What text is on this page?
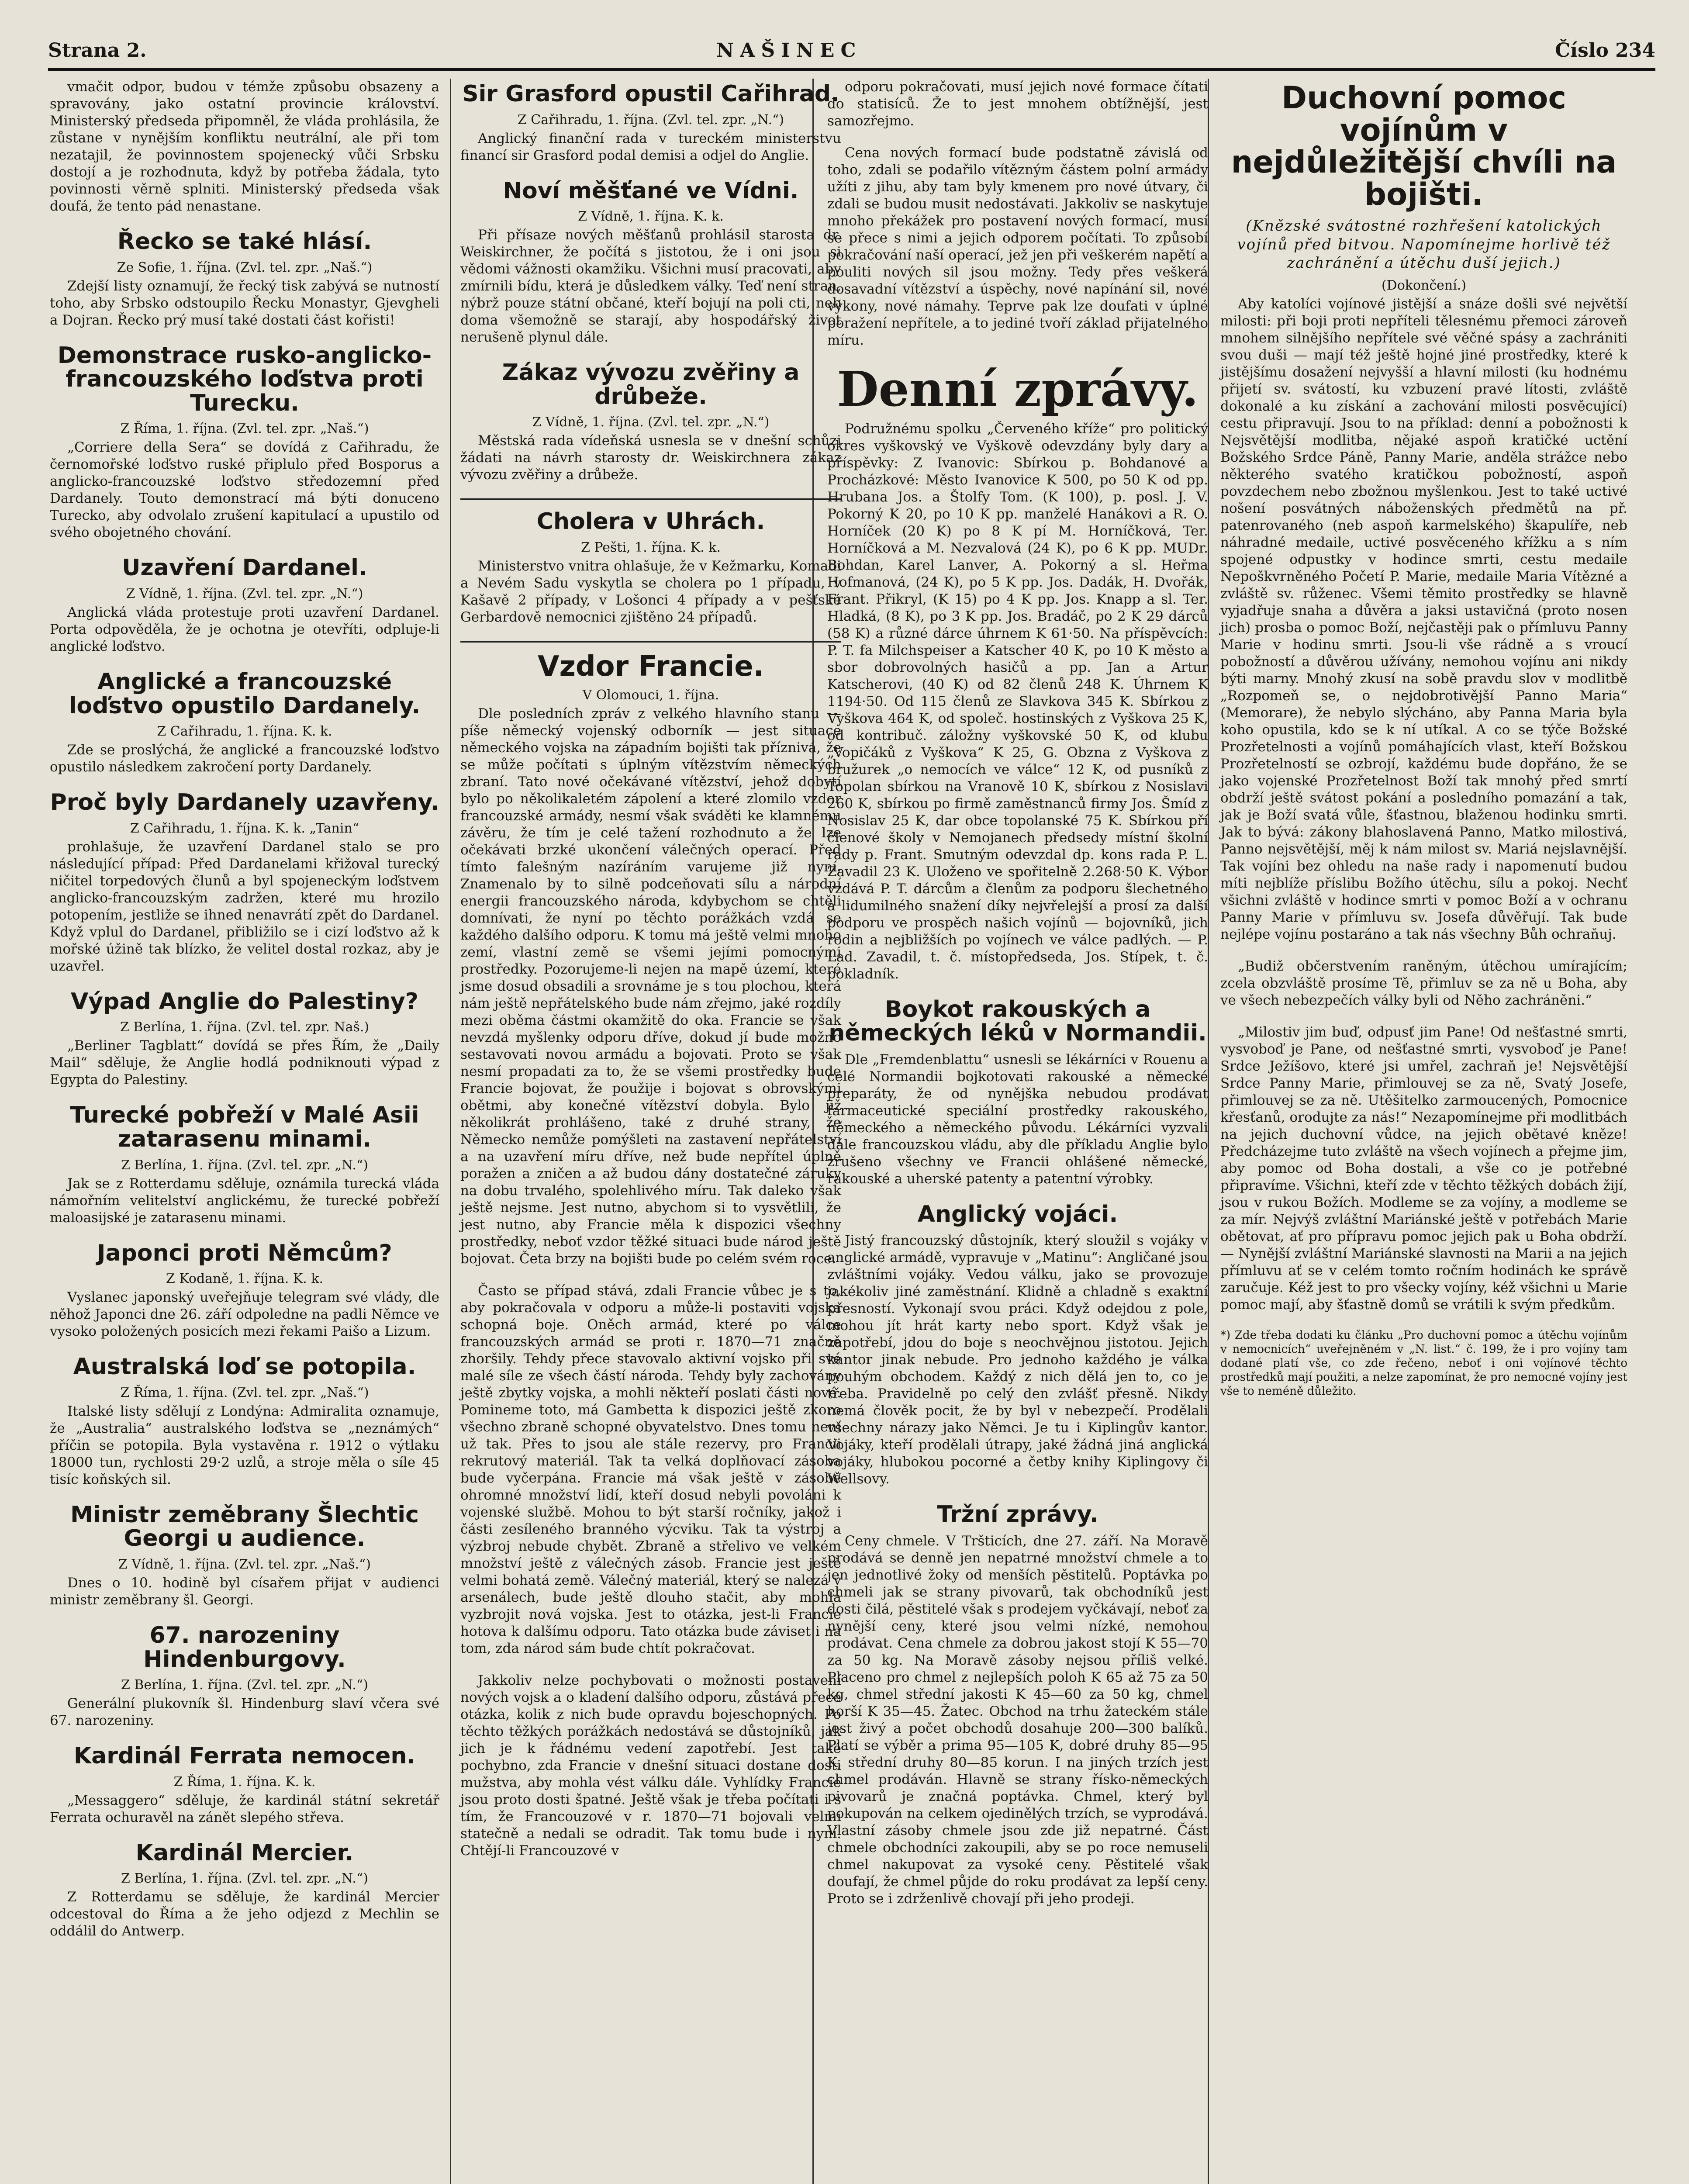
Strana 2.	NAŠINEC	Číslo 234

vmačit odpor, budou v témže způsobu obsazeny a spravovány, jako ostatní provincie království. Ministerský předseda připomněl, že vláda prohlásila, že zůstane v nynějším konfliktu neutrální, ale při tom nezatajil, že povinnostem spojenecký vůči Srbsku dostojí a je rozhodnuta, když by potřeba žádala, tyto povinnosti věrně splniti. Ministerský předseda však doufá, že tento pád nenastane.

Řecko se také hlásí.
Ze Sofie, 1. října. (Zvl. tel. zpr. „Naš.“)

Zdejší listy oznamují, že řecký tisk zabývá se nutností toho, aby Srbsko odstoupilo Řecku Monastyr, Gjevgheli a Dojran. Řecko prý musí také dostati část kořisti!

Demonstrace rusko-anglicko-francouzského loďstva proti Turecku.
Z Říma, 1. října. (Zvl. tel. zpr. „Naš.“)

„Corriere della Sera“ se dovídá z Cařihradu, že černomořské loďstvo ruské připlulo před Bosporus a anglicko-francouzské loďstvo středozemní před Dardanely. Touto demonstrací má býti donuceno Turecko, aby odvolalo zrušení kapitulací a upustilo od svého obojetného chování.

Uzavření Dardanel.
Z Vídně, 1. října. (Zvl. tel. zpr. „N.“)

Anglická vláda protestuje proti uzavření Dardanel. Porta odpověděla, že je ochotna je otevříti, odpluje-li anglické loďstvo.

Anglické a francouzské loďstvo opustilo Dardanely.
Z Cařihradu, 1. října. K. k.

Zde se proslýchá, že anglické a francouzské loďstvo opustilo následkem zakročení porty Dardanely.

Proč byly Dardanely uzavřeny.
Z Cařihradu, 1. října. K. k. „Tanin“

prohlašuje, že uzavření Dardanel stalo se pro následující případ: Před Dardanelami křižoval turecký ničitel torpedových člunů a byl spojeneckým loďstvem anglicko-francouzským zadržen, které mu hrozilo potopením, jestliže se ihned nenavrátí zpět do Dardanel. Když vplul do Dardanel, přibližilo se i cizí loďstvo až k mořské úžině tak blízko, že velitel dostal rozkaz, aby je uzavřel.

Výpad Anglie do Palestiny?
Z Berlína, 1. října. (Zvl. tel. zpr. Naš.)

„Berliner Tagblatt“ dovídá se přes Řím, že „Daily Mail“ sděluje, že Anglie hodlá podniknouti výpad z Egypta do Palestiny.

Turecké pobřeží v Malé Asii zatarasenu minami.
Z Berlína, 1. října. (Zvl. tel. zpr. „N.“)

Jak se z Rotterdamu sděluje, oznámila turecká vláda námořním velitelství anglickému, že turecké pobřeží maloasijské je zatarasenu minami.

Japonci proti Němcům?
Z Kodaně, 1. října. K. k.

Vyslanec japonský uveřejňuje telegram své vlády, dle něhož Japonci dne 26. září odpoledne na padli Němce ve vysoko položených posicích mezi řekami Paišo a Lizum.

Australská loď se potopila.
Z Říma, 1. října. (Zvl. tel. zpr. „Naš.“)

Italské listy sdělují z Londýna: Admiralita oznamuje, že „Australia“ australského loďstva se „neznámých“ příčin se potopila. Byla vystavěna r. 1912 o výtlaku 18000 tun, rychlosti 29·2 uzlů, a stroje měla o síle 45 tisíc koňských sil.

Ministr zeměbrany Šlechtic Georgi u audience.
Z Vídně, 1. října. (Zvl. tel. zpr. „Naš.“)

Dnes o 10. hodině byl císařem přijat v audienci ministr zeměbrany šl. Georgi.

67. narozeniny Hindenburgovy.
Z Berlína, 1. října. (Zvl. tel. zpr. „N.“)

Generální plukovník šl. Hindenburg slaví včera své 67. narozeniny.

Kardinál Ferrata nemocen.
Z Říma, 1. října. K. k.

„Messaggero“ sděluje, že kardinál státní sekretář Ferrata ochuravěl na zánět slepého střeva.

Kardinál Mercier.
Z Berlína, 1. října. (Zvl. tel. zpr. „N.“)

Z Rotterdamu se sděluje, že kardinál Mercier odcestoval do Říma a že jeho odjezd z Mechlin se oddálil do Antwerp.

Sir Grasford opustil Cařihrad.
Z Cařihradu, 1. října. (Zvl. tel. zpr. „N.“)

Anglický finanční rada v tureckém ministerstvu financí sir Grasford podal demisi a odjel do Anglie.

Noví měšťané ve Vídni.
Z Vídně, 1. října. K. k.

Při přísaze nových měšťanů prohlásil starosta dr. Weiskirchner, že počítá s jistotou, že i oni jsou si vědomi vážnosti okamžiku. Všichni musí pracovati, aby zmírnili bídu, která je důsledkem války. Teď není stran, nýbrž pouze státní občané, kteří bojují na poli cti, neb doma všemožně se starají, aby hospodářský život nerušeně plynul dále.

Zákaz vývozu zvěřiny a drůbeže.
Z Vídně, 1. října. (Zvl. tel. zpr. „N.“)

Městská rada vídeňská usnesla se v dnešní schůzi žádati na návrh starosty dr. Weiskirchnera zákaz vývozu zvěřiny a drůbeže.

Cholera v Uhrách.
Z Pešti, 1. října. K. k.

Ministerstvo vnitra ohlašuje, že v Kežmarku, Komadi a Nevém Sadu vyskytla se cholera po 1 případu, v Kašavě 2 případy, v Lošonci 4 případy a v pešťské Gerbardově nemocnici zjištěno 24 případů.

Vzdor Francie.
V Olomouci, 1. října.

Dle posledních zpráv z velkého hlavního stanu — píše německý vojenský odborník — jest situace německého vojska na západním bojišti tak příznivá, že se může počítati s úplným vítězstvím německých zbraní. Tato nové očekávané vítězství, jehož dobytí bylo po několikaletém zápolení a které zlomilo vzdor francouzské armády, nesmí však sváděti ke klamnému závěru, že tím je celé tažení rozhodnuto a že lze očekávati brzké ukončení válečných operací. Před tímto falešným nazíráním varujeme již nyní. Znamenalo by to silně podceňovati sílu a národní energii francouzského národa, kdybychom se chtěli domnívati, že nyní po těchto porážkách vzdá se každého dalšího odporu. K tomu má ještě velmi mnoho zemí, vlastní země se všemi jejími pomocnými prostředky. Pozorujeme-li nejen na mapě území, které jsme dosud obsadili a srovnáme je s tou plochou, která nám ještě nepřátelského bude nám zřejmo, jaké rozdíly mezi oběma částmi okamžitě do oka. Francie se však nevzdá myšlenky odporu dříve, dokud jí bude možno sestavovati novou armádu a bojovati. Proto se však nesmí propadati za to, že se všemi prostředky bude Francie bojovat, že použije i bojovat s obrovskými obětmi, aby konečné vítězství dobyla. Bylo již několikrát prohlášeno, také z druhé strany, že Německo nemůže pomýšleti na zastavení nepřátelství a na uzavření míru dříve, než bude nepřítel úplně poražen a zničen a až budou dány dostatečné záruky na dobu trvalého, spolehlivého míru. Tak daleko však ještě nejsme. Jest nutno, abychom si to vysvětlili, že jest nutno, aby Francie měla k dispozici všechny prostředky, neboť vzdor těžké situaci bude národ ještě bojovat. Četa brzy na bojišti bude po celém svém roce.

Často se případ stává, zdali Francie vůbec je s to, aby pokračovala v odporu a může-li postaviti vojska schopná boje. Oněch armád, které po válce francouzských armád se proti r. 1870—71 značně zhoršily. Tehdy přece stavovalo aktivní vojsko při své malé síle ze všech částí národa. Tehdy byly zachovány ještě zbytky vojska, a mohli někteří poslati části nové. Pomineme toto, má Gambetta k dispozici ještě zkoro všechno zbraně schopné obyvatelstvo. Dnes tomu není už tak. Přes to jsou ale stále rezervy, pro Francii rekrutový materiál. Tak ta velká doplňovací zásoba bude vyčerpána. Francie má však ještě v zásobě ohromné množství lidí, kteří dosud nebyli povoláni k vojenské službě. Mohou to být starší ročníky, jakož i části zesíleného branného výcviku. Tak ta výstroj a výzbroj nebude chybět. Zbraně a střelivo ve velkém množství ještě z válečných zásob. Francie jest ještě velmi bohatá země. Válečný materiál, který se nalezá v arsenálech, bude ještě dlouho stačit, aby mohla vyzbrojit nová vojska. Jest to otázka, jest-li Francie hotova k dalšímu odporu. Tato otázka bude záviset i na tom, zda národ sám bude chtít pokračovat.

Jakkoliv nelze pochybovati o možnosti postavení nových vojsk a o kladení dalšího odporu, zůstává přece otázka, kolik z nich bude opravdu bojeschopných. Po těchto těžkých porážkách nedostává se důstojníků, jak jich je k řádnému vedení zapotřebí. Jest také pochybno, zda Francie v dnešní situaci dostane dosti mužstva, aby mohla vést válku dále. Vyhlídky Francie jsou proto dosti špatné. Ještě však je třeba počítati i s tím, že Francouzové v r. 1870—71 bojovali velmi statečně a nedali se odradit. Tak tomu bude i nyní. Chtějí-li Francouzové v

odporu pokračovati, musí jejich nové formace čítati do statisíců. Že to jest mnohem obtížnější, jest samozřejmo.

Cena nových formací bude podstatně závislá od toho, zdali se podařilo vítězným částem polní armády užíti z jihu, aby tam byly kmenem pro nové útvary, či zdali se budou musit nedostávati. Jakkoliv se naskytuje mnoho překážek pro postavení nových formací, musí se přece s nimi a jejich odporem počítati. To způsobí pokračování naší operací, jež jen při veškerém napětí a pouliti nových sil jsou možny. Tedy přes veškerá dosavadní vítězství a úspěchy, nové napínání sil, nové výkony, nové námahy. Teprve pak lze doufati v úplné poražení nepřítele, a to jediné tvoří základ přijatelného míru.

Denní zprávy.

Podružnému spolku „Červeného kříže“ pro politický okres vyškovský ve Vyškově odevzdány byly dary a příspěvky: Z Ivanovic: Sbírkou p. Bohdanové a Procházkové: Město Ivanovice K 500, po 50 K od pp. Hrubana Jos. a Štolfy Tom. (K 100), p. posl. J. V. Pokorný K 20, po 10 K pp. manželé Hanákovi a R. O. Horníček (20 K) po 8 K pí M. Horníčková, Ter. Horníčková a M. Nezvalová (24 K), po 6 K pp. MUDr. Bohdan, Karel Lanver, A. Pokorný a sl. Heřma Hofmanová, (24 K), po 5 K pp. Jos. Dadák, H. Dvořák, Frant. Přikryl, (K 15) po 4 K pp. Jos. Knapp a sl. Ter. Hladká, (8 K), po 3 K pp. Jos. Bradáč, po 2 K 29 dárců (58 K) a různé dárce úhrnem K 61·50. Na příspěvcích: P. T. fa Milchspeiser a Katscher 40 K, po 10 K město a sbor dobrovolných hasičů a pp. Jan a Artur Katscherovi, (40 K) od 82 členů 248 K. Úhrnem K 1194·50. Od 115 členů ze Slavkova 345 K. Sbírkou z Vyškova 464 K, od společ. hostinských z Vyškova 25 K, od kontribuč. záložny vyškovské 50 K, od klubu „Vopičáků z Vyškova“ K 25, G. Obzna z Vyškova z bružurek „o nemocích ve válce“ 12 K, od pusníků z Topolan sbírkou na Vranově 10 K, sbírkou z Nosislavi 260 K, sbírkou po firmě zaměstnanců firmy Jos. Šmíd z Nosislav 25 K, dar obce topolanské 75 K. Sbírkou pří členové školy v Nemojanech předsedy místní školní rady p. Frant. Smutným odevzdal dp. kons rada P. L. Zavadil 23 K. Uloženo ve spořitelně 2.268·50 K. Výbor vzdává P. T. dárcům a členům za podporu šlechetného a lidumilného snažení díky nejvřelejší a prosí za další podporu ve prospěch našich vojínů — bojovníků, jich rodin a nejbližších po vojínech ve válce padlých. — P. Lad. Zavadil, t. č. místopředseda, Jos. Stípek, t. č. pokladník.

Boykot rakouských a německých léků v Normandii.

Dle „Fremdenblattu“ usnesli se lékárníci v Rouenu a celé Normandii bojkotovati rakouské a německé preparáty, že od nynějška nebudou prodávat farmaceutické speciální prostředky rakouského, německého a německého původu. Lékárníci vyzvali dále francouzskou vládu, aby dle příkladu Anglie bylo zrušeno všechny ve Francii ohlášené německé, rakouské a uherské patenty a patentní výrobky.

Anglický vojáci.

Jistý francouzský důstojník, který sloužil s vojáky v anglické armádě, vypravuje v „Matinu“: Angličané jsou zvláštními vojáky. Vedou válku, jako se provozuje jakékoliv jiné zaměstnání. Klidně a chladně s exaktní přesností. Vykonají svou práci. Když odejdou z pole, mohou jít hrát karty nebo sport. Když však je zapotřebí, jdou do boje s neochvějnou jistotou. Jejich kantor jinak nebude. Pro jednoho každého je válka pouhým obchodem. Každý z nich dělá jen to, co je třeba. Pravidelně po celý den zvlášť přesně. Nikdy nemá člověk pocit, že by byl v nebezpečí. Prodělali všechny nárazy jako Němci. Je tu i Kiplingův kantor. Vojáky, kteří prodělali útrapy, jaké žádná jiná anglická vojáky, hlubokou pocorné a četby knihy Kiplingovy či Wellsovy.

Tržní zprávy.

Ceny chmele. V Tršticích, dne 27. září. Na Moravě prodává se denně jen nepatrné množství chmele a to jen jednotlivé žoky od menších pěstitelů. Poptávka po chmeli jak se strany pivovarů, tak obchodníků jest dosti čilá, pěstitelé však s prodejem vyčkávají, neboť za nynější ceny, které jsou velmi nízké, nemohou prodávat. Cena chmele za dobrou jakost stojí K 55—70 za 50 kg. Na Moravě zásoby nejsou příliš velké. Placeno pro chmel z nejlepších poloh K 65 až 75 za 50 kg, chmel střední jakosti K 45—60 za 50 kg, chmel horší K 35—45. Žatec. Obchod na trhu žateckém stále jest živý a počet obchodů dosahuje 200—300 balíků. Platí se výběr a prima 95—105 K, dobré druhy 85—95 K, střední druhy 80—85 korun. I na jiných trzích jest chmel prodáván. Hlavně se strany řísko-německých pivovarů je značná poptávka. Chmel, který byl pokupován na celkem ojedinělých trzích, se vyprodává. Vlastní zásoby chmele jsou zde již nepatrné. Část chmele obchodníci zakoupili, aby se po roce nemuseli chmel nakupovat za vysoké ceny. Pěstitelé však doufají, že chmel půjde do roku prodávat za lepší ceny. Proto se i zdrženlivě chovají při jeho prodeji.

Duchovní pomoc vojínům v nejdůležitější chvíli na bojišti.
(Knězské svátostné rozhřešení katolických vojínů před bitvou. Napomínejme horlivě též zachránění a útěchu duší jejich.)
(Dokončení.)

Aby katolíci vojínové jistější a snáze došli své největší milosti: při boji proti nepříteli tělesnému přemoci zároveň mnohem silnějšího nepřítele své věčné spásy a zachrániti svou duši — mají též ještě hojné jiné prostředky, které k jistějšímu dosažení nejvyšší a hlavní milosti (ku hodnému přijetí sv. svátostí, ku vzbuzení pravé lítosti, zvláště dokonalé a ku získání a zachování milosti posvěcující) cestu připravují. Jsou to na příklad: denní a pobožnosti k Nejsvětější modlitba, nějaké aspoň kratičké uctění Božského Srdce Páně, Panny Marie, anděla strážce nebo některého svatého kratičkou pobožností, aspoň povzdechem nebo zbožnou myšlenkou. Jest to také uctivé nošení posvátných náboženských předmětů na př. patenrovaného (neb aspoň karmelského) škapulíře, neb náhradné medaile, uctivé posvěceného křížku a s ním spojené odpustky v hodince smrti, cestu medaile Nepoškvrněného Početí P. Marie, medaile Maria Vítězné a zvláště sv. růženec. Všemi těmito prostředky se hlavně vyjadřuje snaha a důvěra a jaksi ustavičná (proto nosen jich) prosba o pomoc Boží, nejčastěji pak o přímluvu Panny Marie v hodinu smrti. Jsou-li vše rádně a s vroucí pobožností a důvěrou užívány, nemohou vojínu ani nikdy býti marny. Mnohý zkusí na sobě pravdu slov v modlitbě „Rozpomeň se, o nejdobrotivější Panno Maria“ (Memorare), že nebylo slýcháno, aby Panna Maria byla koho opustila, kdo se k ní utíkal. A co se týče Božské Prozřetelnosti a vojínů pomáhajících vlast, kteří Božskou Prozřetelností se ozbrojí, každému bude dopřáno, že se jako vojenské Prozřetelnost Boží tak mnohý před smrtí obdrží ještě svátost pokání a posledního pomazání a tak, jak je Boží svatá vůle, šťastnou, blaženou hodinku smrti. Jak to bývá: zákony blahoslavená Panno, Matko milostivá, Panno nejsvětější, měj k nám milost sv. Mariá nejslavnější. Tak vojíni bez ohledu na naše rady i napomenutí budou míti nejblíže příslibu Božího útěchu, sílu a pokoj. Nechť všichni zvláště v hodince smrti v pomoc Boží a v ochranu Panny Marie v přímluvu sv. Josefa důvěřují. Tak bude nejlépe vojínu postaráno a tak nás všechny Bůh ochraňuj.

„Budiž občerstvením raněným, útěchou umírajícím; zcela obzvláště prosíme Tě, přimluv se za ně u Boha, aby ve všech nebezpečích války byli od Něho zachráněni.“

„Milostiv jim buď, odpusť jim Pane! Od nešťastné smrti, vysvoboď je Pane, od nešťastné smrti, vysvoboď je Pane! Srdce Ježíšovo, které jsi umřel, zachraň je! Nejsvětější Srdce Panny Marie, přimlouvej se za ně, Svatý Josefe, přimlouvej se za ně. Utěšitelko zarmoucených, Pomocnice křesťanů, orodujte za nás!“ Nezapomínejme při modlitbách na jejich duchovní vůdce, na jejich obětavé kněze! Předcházejme tuto zvláště na všech vojínech a přejme jim, aby pomoc od Boha dostali, a vše co je potřebné připravíme. Všichni, kteří zde v těchto těžkých dobách žijí, jsou v rukou Božích. Modleme se za vojíny, a modleme se za mír. Nejvýš zvláštní Mariánské ještě v potřebách Marie obětovat, ať pro přípravu pomoc jejich pak u Boha obdrží. — Nynější zvláštní Mariánské slavnosti na Marii a na jejich přímluvu ať se v celém tomto ročním hodinách ke správě zaručuje. Kéž jest to pro všecky vojíny, kéž všichni u Marie pomoc mají, aby šťastně domů se vrátili k svým předkům.

*) Zde třeba dodati ku článku „Pro duchovní pomoc a útěchu vojínům v nemocnicích“ uveřejněném v „N. list.“ č. 199, že i pro vojíny tam dodané platí vše, co zde řečeno, neboť i oni vojínové těchto prostředků mají použiti, a nelze zapomínat, že pro nemocné vojíny jest vše to neméně důležito.
